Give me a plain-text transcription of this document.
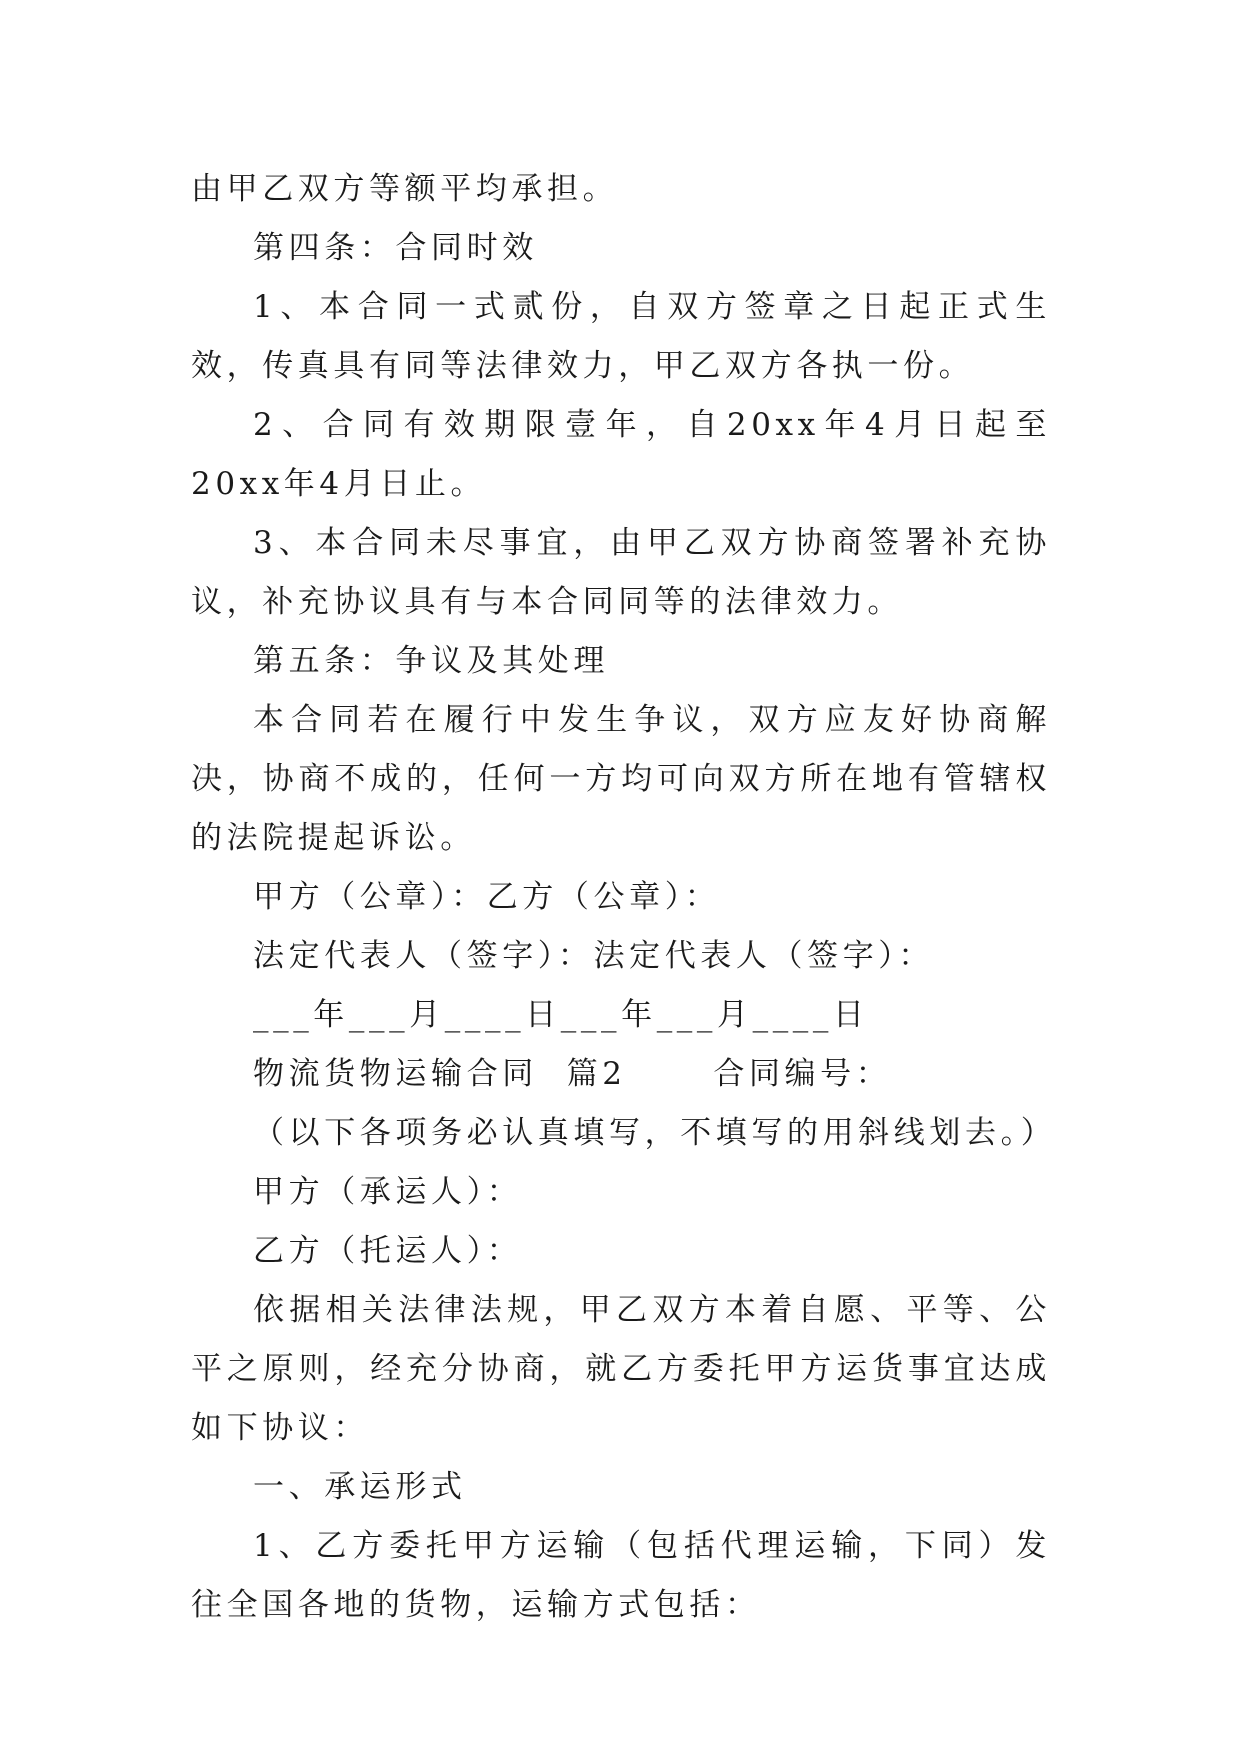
由甲乙双方等额平均承担。

第四条：合同时效

1、本合同一式贰份，自双方签章之日起正式生效，传真具有同等法律效力，甲乙双方各执一份。

2、合同有效期限壹年，自20xx年4月日起至20xx年4月日止。

3、本合同未尽事宜，由甲乙双方协商签署补充协议，补充协议具有与本合同同等的法律效力。

第五条：争议及其处理

本合同若在履行中发生争议，双方应友好协商解决，协商不成的，任何一方均可向双方所在地有管辖权的法院提起诉讼。

甲方（公章）：乙方（公章）：

法定代表人（签字）：法定代表人（签字）：

___年___月____日___年___月____日

物流货物运输合同  篇2      合同编号：

（以下各项务必认真填写，不填写的用斜线划去。）

甲方（承运人）：

乙方（托运人）：

依据相关法律法规，甲乙双方本着自愿、平等、公平之原则，经充分协商，就乙方委托甲方运货事宜达成如下协议：

一、承运形式

1、乙方委托甲方运输（包括代理运输，下同）发往全国各地的货物，运输方式包括：
